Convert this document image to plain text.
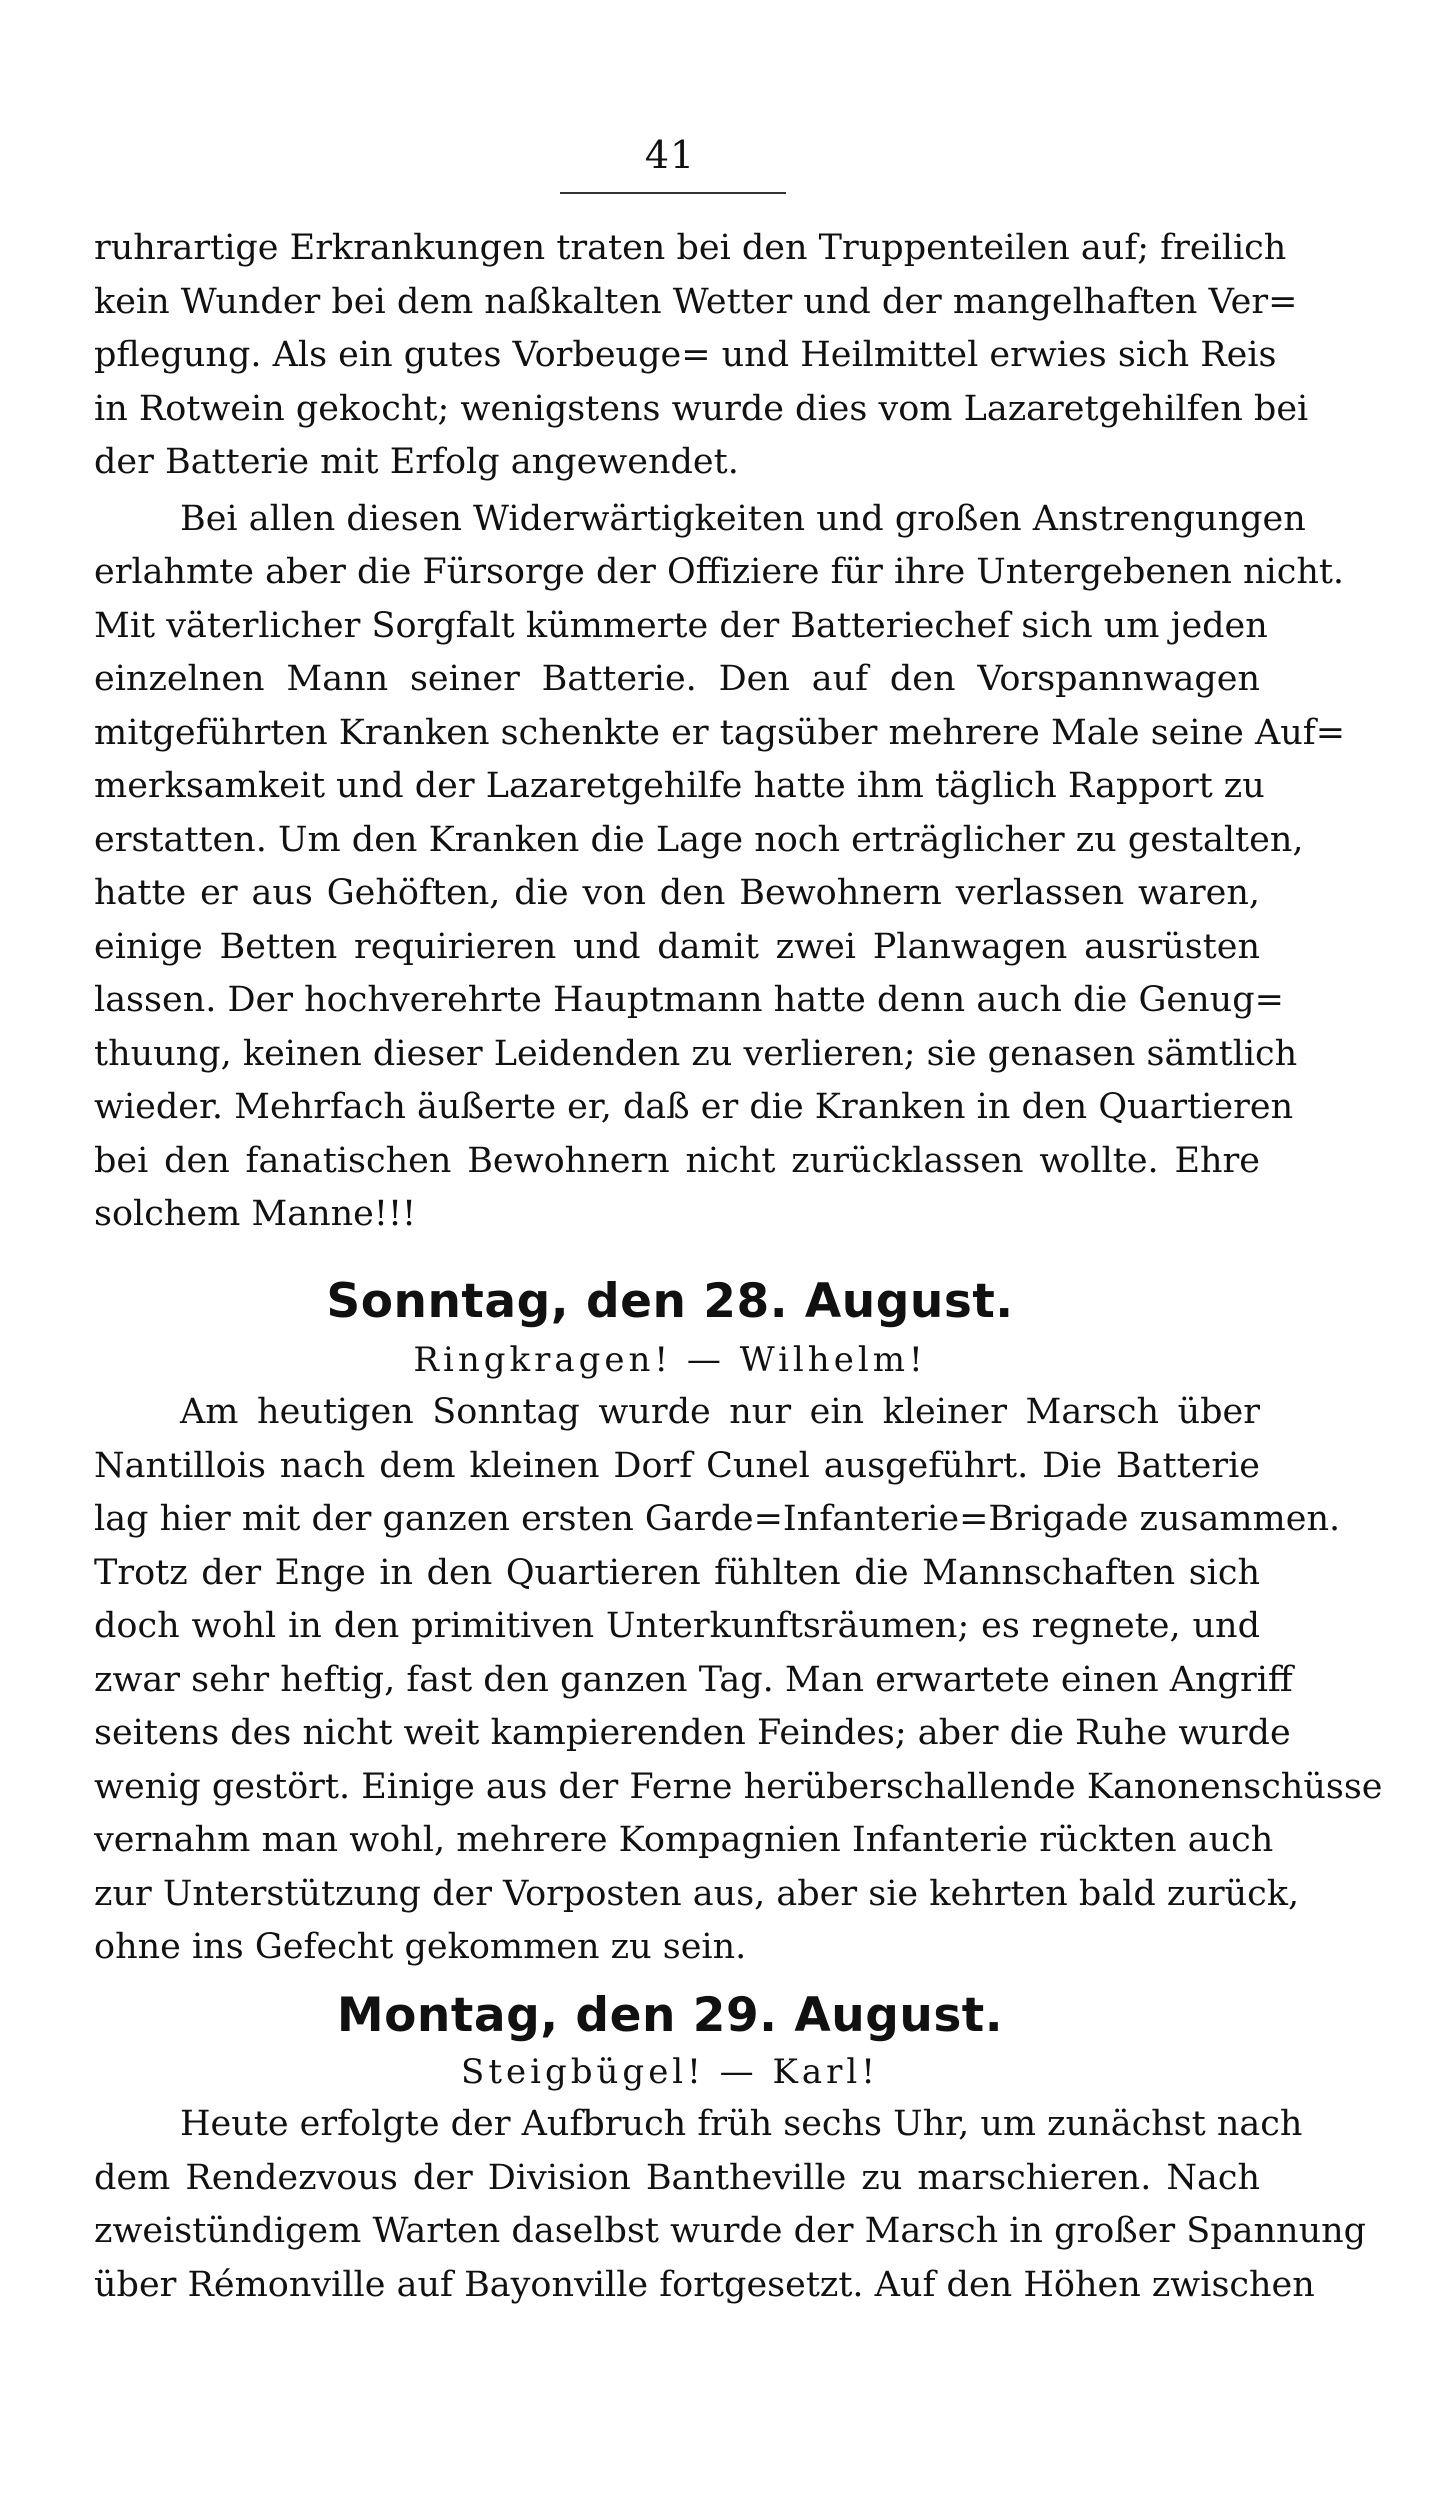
41
ruhrartige Erkrankungen traten bei den Truppenteilen auf; freilich
kein Wunder bei dem naßkalten Wetter und der mangelhaften Ver=
pflegung. Als ein gutes Vorbeuge= und Heilmittel erwies sich Reis
in Rotwein gekocht; wenigstens wurde dies vom Lazaretgehilfen bei
der Batterie mit Erfolg angewendet.
Bei allen diesen Widerwärtigkeiten und großen Anstrengungen
erlahmte aber die Fürsorge der Offiziere für ihre Untergebenen nicht.
Mit väterlicher Sorgfalt kümmerte der Batteriechef sich um jeden
einzelnen Mann seiner Batterie. Den auf den Vorspannwagen
mitgeführten Kranken schenkte er tagsüber mehrere Male seine Auf=
merksamkeit und der Lazaretgehilfe hatte ihm täglich Rapport zu
erstatten. Um den Kranken die Lage noch erträglicher zu gestalten,
hatte er aus Gehöften, die von den Bewohnern verlassen waren,
einige Betten requirieren und damit zwei Planwagen ausrüsten
lassen. Der hochverehrte Hauptmann hatte denn auch die Genug=
thuung, keinen dieser Leidenden zu verlieren; sie genasen sämtlich
wieder. Mehrfach äußerte er, daß er die Kranken in den Quartieren
bei den fanatischen Bewohnern nicht zurücklassen wollte. Ehre
solchem Manne!!!
Sonntag, den 28. August.
Ringkragen! — Wilhelm!
Am heutigen Sonntag wurde nur ein kleiner Marsch über
Nantillois nach dem kleinen Dorf Cunel ausgeführt. Die Batterie
lag hier mit der ganzen ersten Garde=Infanterie=Brigade zusammen.
Trotz der Enge in den Quartieren fühlten die Mannschaften sich
doch wohl in den primitiven Unterkunftsräumen; es regnete, und
zwar sehr heftig, fast den ganzen Tag. Man erwartete einen Angriff
seitens des nicht weit kampierenden Feindes; aber die Ruhe wurde
wenig gestört. Einige aus der Ferne herüberschallende Kanonenschüsse
vernahm man wohl, mehrere Kompagnien Infanterie rückten auch
zur Unterstützung der Vorposten aus, aber sie kehrten bald zurück,
ohne ins Gefecht gekommen zu sein.
Montag, den 29. August.
Steigbügel! — Karl!
Heute erfolgte der Aufbruch früh sechs Uhr, um zunächst nach
dem Rendezvous der Division Bantheville zu marschieren. Nach
zweistündigem Warten daselbst wurde der Marsch in großer Spannung
über Rémonville auf Bayonville fortgesetzt. Auf den Höhen zwischen
